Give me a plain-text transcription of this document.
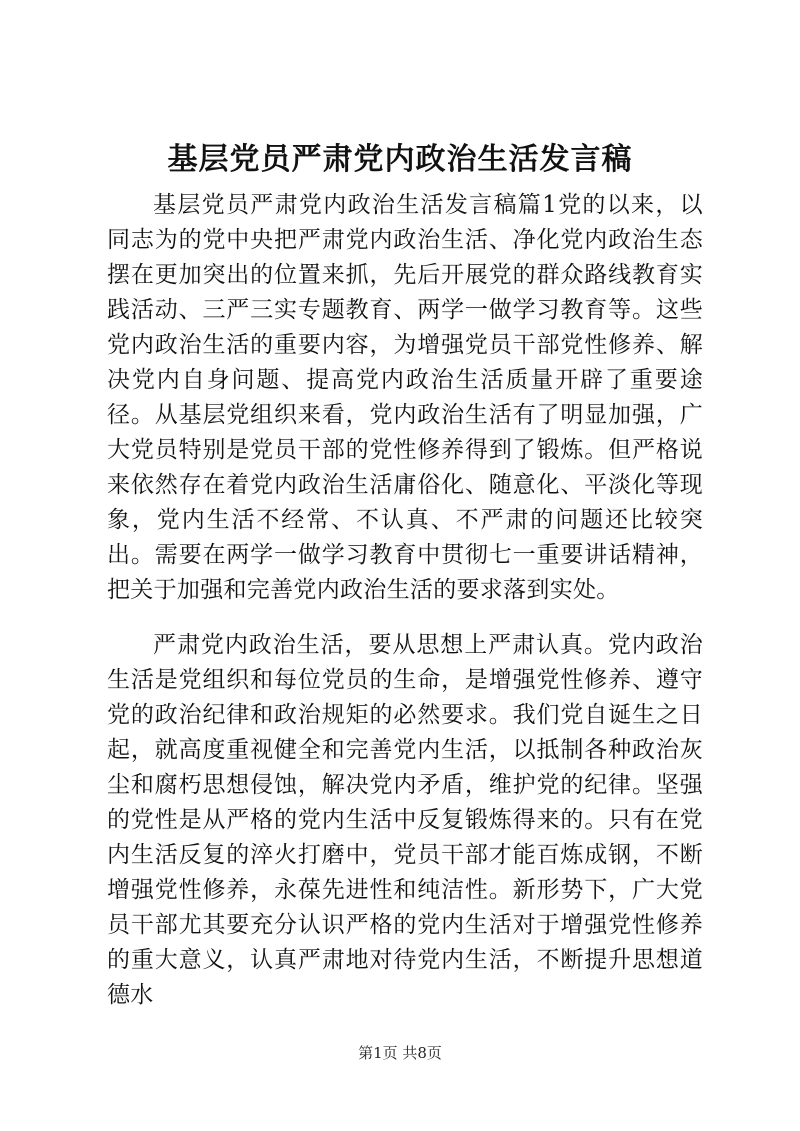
基层党员严肃党内政治生活发言稿

基层党员严肃党内政治生活发言稿篇1党的以来，以同志为的党中央把严肃党内政治生活、净化党内政治生态摆在更加突出的位置来抓，先后开展党的群众路线教育实践活动、三严三实专题教育、两学一做学习教育等。这些党内政治生活的重要内容，为增强党员干部党性修养、解决党内自身问题、提高党内政治生活质量开辟了重要途径。从基层党组织来看，党内政治生活有了明显加强，广大党员特别是党员干部的党性修养得到了锻炼。但严格说来依然存在着党内政治生活庸俗化、随意化、平淡化等现象，党内生活不经常、不认真、不严肃的问题还比较突出。需要在两学一做学习教育中贯彻七一重要讲话精神，把关于加强和完善党内政治生活的要求落到实处。

严肃党内政治生活，要从思想上严肃认真。党内政治生活是党组织和每位党员的生命，是增强党性修养、遵守党的政治纪律和政治规矩的必然要求。我们党自诞生之日起，就高度重视健全和完善党内生活，以抵制各种政治灰尘和腐朽思想侵蚀，解决党内矛盾，维护党的纪律。坚强的党性是从严格的党内生活中反复锻炼得来的。只有在党内生活反复的淬火打磨中，党员干部才能百炼成钢，不断增强党性修养，永葆先进性和纯洁性。新形势下，广大党员干部尤其要充分认识严格的党内生活对于增强党性修养的重大意义，认真严肃地对待党内生活，不断提升思想道德水

第1页 共8页
